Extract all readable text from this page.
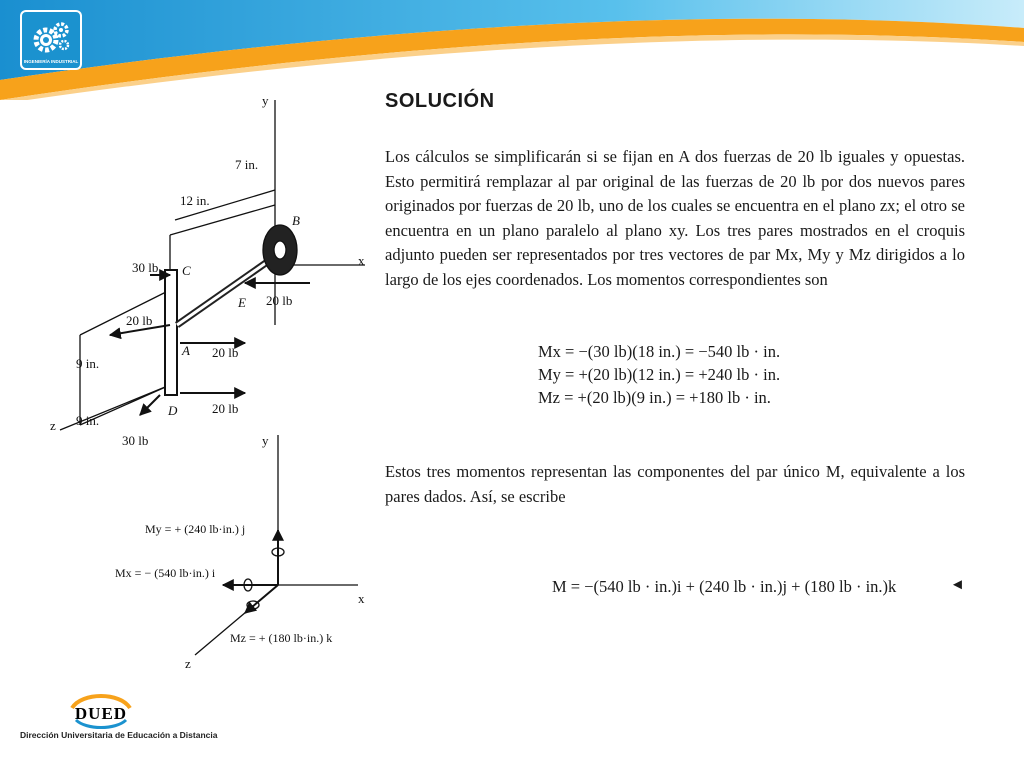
INGENIERÍA INDUSTRIAL
y
x
z
7 in.
12 in.
9 in.
9 in.
B
C
A
D
E
30 lb
20 lb
20 lb
20 lb
30 lb
20 lb
y
x
z
My = + (240 lb·in.) j
Mx = − (540 lb·in.) i
Mz = + (180 lb·in.) k
SOLUCIÓN

Los cálculos se simplificarán si se fijan en A dos fuerzas de 20 lb iguales y opuestas. Esto permitirá remplazar al par original de las fuerzas de 20 lb por dos nuevos pares originados por fuerzas de 20 lb, uno de los cuales se encuentra en el plano zx; el otro se encuentra en un plano paralelo al plano xy. Los tres pares mostrados en el croquis adjunto pueden ser representados por tres vectores de par Mx, My y Mz dirigidos a lo largo de los ejes coordenados. Los momentos correspondientes son

Mx = −(30 lb)(18 in.) = −540 lb · in.
My = +(20 lb)(12 in.) = +240 lb · in.
Mz = +(20 lb)(9 in.) = +180 lb · in.

Estos tres momentos representan las componentes del par único M, equivalente a los pares dados. Así, se escribe

M = −(540 lb · in.)i + (240 lb · in.)j + (180 lb · in.)k	◄
DUED
Dirección Universitaria de Educación a Distancia
